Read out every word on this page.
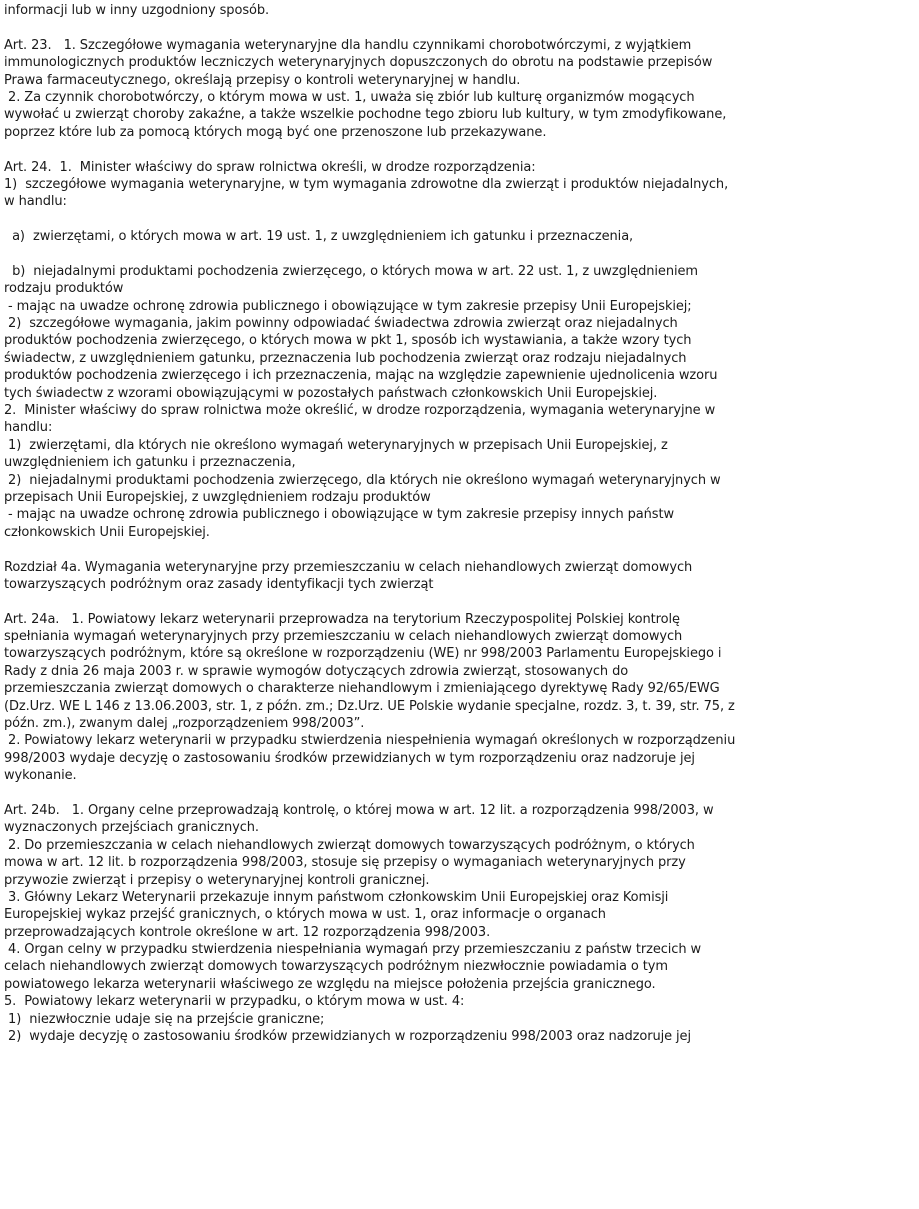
informacji lub w inny uzgodniony sposób.
Art. 23.   1. Szczegółowe wymagania weterynaryjne dla handlu czynnikami chorobotwórczymi, z wyjątkiem
immunologicznych produktów leczniczych weterynaryjnych dopuszczonych do obrotu na podstawie przepisów
Prawa farmaceutycznego, określają przepisy o kontroli weterynaryjnej w handlu.
2. Za czynnik chorobotwórczy, o którym mowa w ust. 1, uważa się zbiór lub kulturę organizmów mogących
wywołać u zwierząt choroby zakaźne, a także wszelkie pochodne tego zbioru lub kultury, w tym zmodyfikowane,
poprzez które lub za pomocą których mogą być one przenoszone lub przekazywane.
Art. 24.  1.  Minister właściwy do spraw rolnictwa określi, w drodze rozporządzenia:
1)  szczegółowe wymagania weterynaryjne, w tym wymagania zdrowotne dla zwierząt i produktów niejadalnych,
w handlu:
a)  zwierzętami, o których mowa w art. 19 ust. 1, z uwzględnieniem ich gatunku i przeznaczenia,
b)  niejadalnymi produktami pochodzenia zwierzęcego, o których mowa w art. 22 ust. 1, z uwzględnieniem
rodzaju produktów
- mając na uwadze ochronę zdrowia publicznego i obowiązujące w tym zakresie przepisy Unii Europejskiej;
2)  szczegółowe wymagania, jakim powinny odpowiadać świadectwa zdrowia zwierząt oraz niejadalnych
produktów pochodzenia zwierzęcego, o których mowa w pkt 1, sposób ich wystawiania, a także wzory tych
świadectw, z uwzględnieniem gatunku, przeznaczenia lub pochodzenia zwierząt oraz rodzaju niejadalnych
produktów pochodzenia zwierzęcego i ich przeznaczenia, mając na względzie zapewnienie ujednolicenia wzoru
tych świadectw z wzorami obowiązującymi w pozostałych państwach członkowskich Unii Europejskiej.
2.  Minister właściwy do spraw rolnictwa może określić, w drodze rozporządzenia, wymagania weterynaryjne w
handlu:
1)  zwierzętami, dla których nie określono wymagań weterynaryjnych w przepisach Unii Europejskiej, z
uwzględnieniem ich gatunku i przeznaczenia,
2)  niejadalnymi produktami pochodzenia zwierzęcego, dla których nie określono wymagań weterynaryjnych w
przepisach Unii Europejskiej, z uwzględnieniem rodzaju produktów
- mając na uwadze ochronę zdrowia publicznego i obowiązujące w tym zakresie przepisy innych państw
członkowskich Unii Europejskiej.
Rozdział 4a. Wymagania weterynaryjne przy przemieszczaniu w celach niehandlowych zwierząt domowych
towarzyszących podróżnym oraz zasady identyfikacji tych zwierząt
Art. 24a.   1. Powiatowy lekarz weterynarii przeprowadza na terytorium Rzeczypospolitej Polskiej kontrolę
spełniania wymagań weterynaryjnych przy przemieszczaniu w celach niehandlowych zwierząt domowych
towarzyszących podróżnym, które są określone w rozporządzeniu (WE) nr 998/2003 Parlamentu Europejskiego i
Rady z dnia 26 maja 2003 r. w sprawie wymogów dotyczących zdrowia zwierząt, stosowanych do
przemieszczania zwierząt domowych o charakterze niehandlowym i zmieniającego dyrektywę Rady 92/65/EWG
(Dz.Urz. WE L 146 z 13.06.2003, str. 1, z późn. zm.; Dz.Urz. UE Polskie wydanie specjalne, rozdz. 3, t. 39, str. 75, z
późn. zm.), zwanym dalej „rozporządzeniem 998/2003”.
2. Powiatowy lekarz weterynarii w przypadku stwierdzenia niespełnienia wymagań określonych w rozporządzeniu
998/2003 wydaje decyzję o zastosowaniu środków przewidzianych w tym rozporządzeniu oraz nadzoruje jej
wykonanie.
Art. 24b.   1. Organy celne przeprowadzają kontrolę, o której mowa w art. 12 lit. a rozporządzenia 998/2003, w
wyznaczonych przejściach granicznych.
2. Do przemieszczania w celach niehandlowych zwierząt domowych towarzyszących podróżnym, o których
mowa w art. 12 lit. b rozporządzenia 998/2003, stosuje się przepisy o wymaganiach weterynaryjnych przy
przywozie zwierząt i przepisy o weterynaryjnej kontroli granicznej.
3. Główny Lekarz Weterynarii przekazuje innym państwom członkowskim Unii Europejskiej oraz Komisji
Europejskiej wykaz przejść granicznych, o których mowa w ust. 1, oraz informacje o organach
przeprowadzających kontrole określone w art. 12 rozporządzenia 998/2003.
4. Organ celny w przypadku stwierdzenia niespełniania wymagań przy przemieszczaniu z państw trzecich w
celach niehandlowych zwierząt domowych towarzyszących podróżnym niezwłocznie powiadamia o tym
powiatowego lekarza weterynarii właściwego ze względu na miejsce położenia przejścia granicznego.
5.  Powiatowy lekarz weterynarii w przypadku, o którym mowa w ust. 4:
1)  niezwłocznie udaje się na przejście graniczne;
2)  wydaje decyzję o zastosowaniu środków przewidzianych w rozporządzeniu 998/2003 oraz nadzoruje jej
